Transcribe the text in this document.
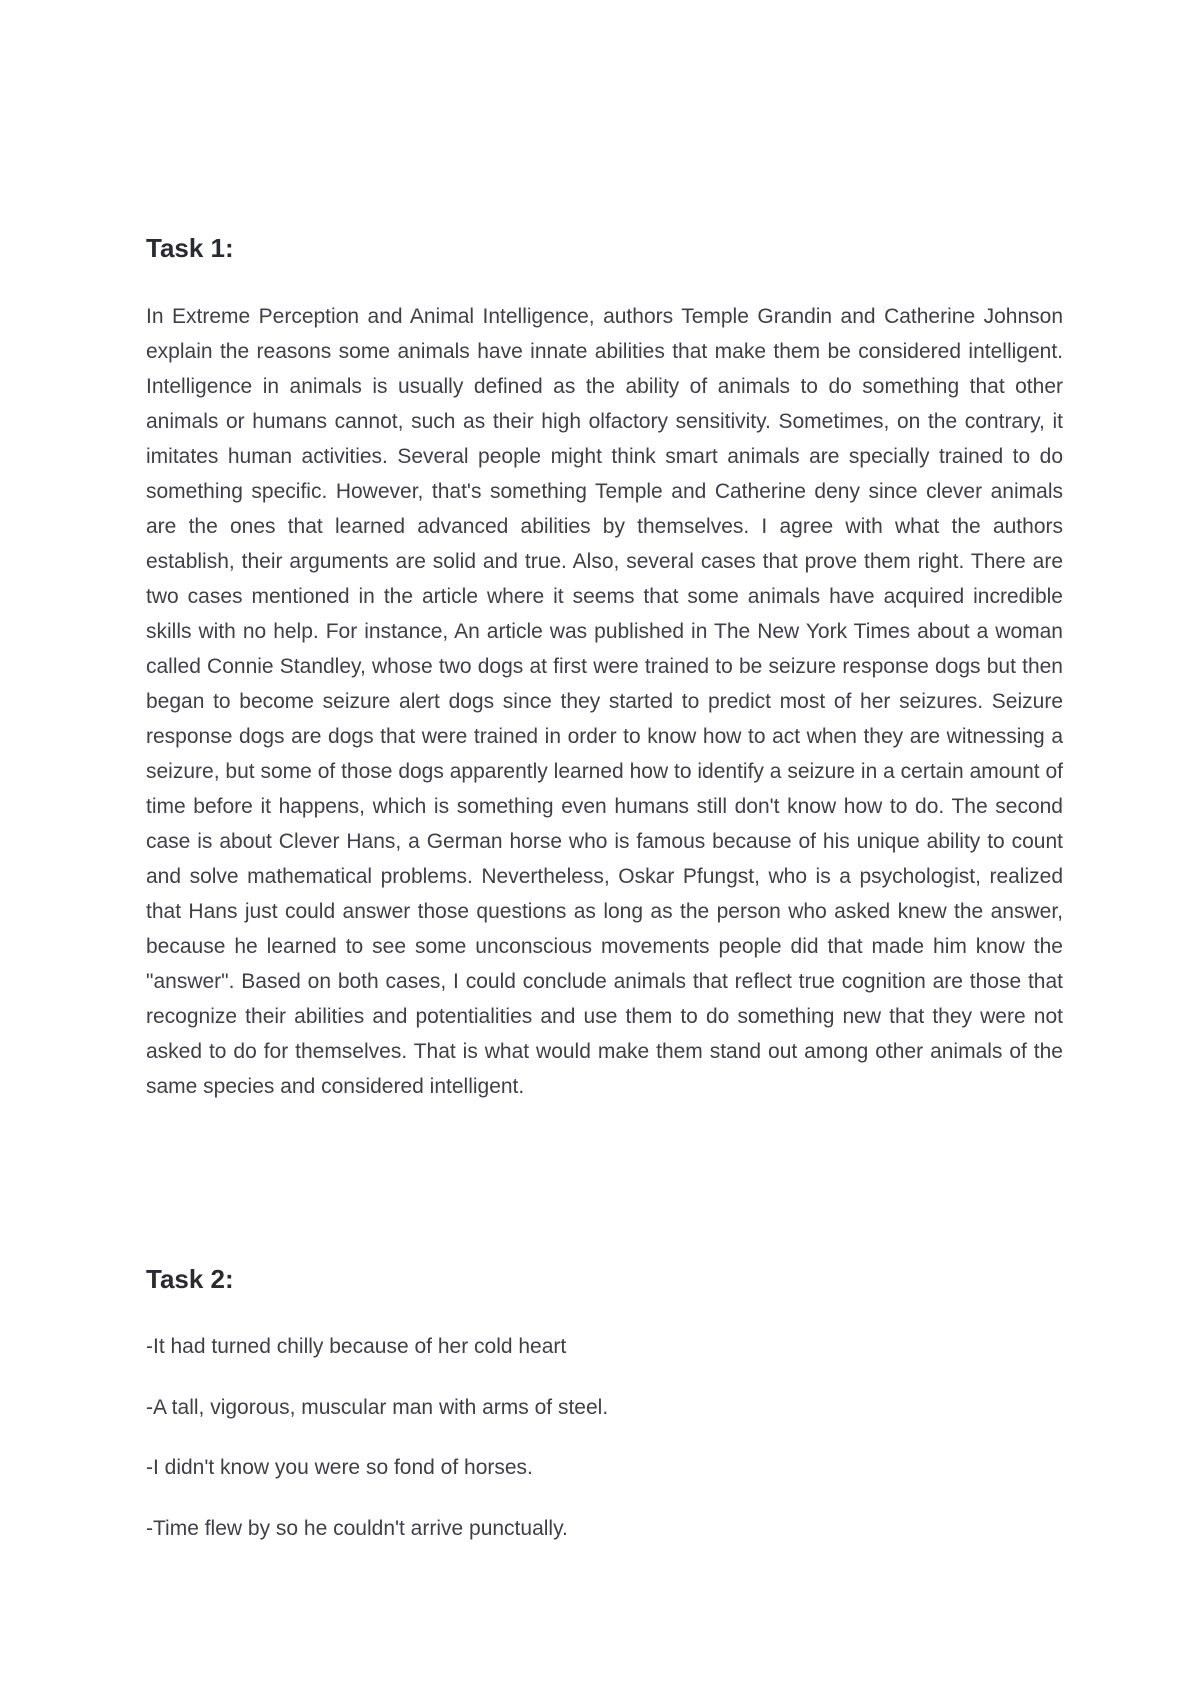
Task 1:

In Extreme Perception and Animal Intelligence, authors Temple Grandin and Catherine Johnson explain the reasons some animals have innate abilities that make them be considered intelligent. Intelligence in animals is usually defined as the ability of animals to do something that other animals or humans cannot, such as their high olfactory sensitivity. Sometimes, on the contrary, it imitates human activities. Several people might think smart animals are specially trained to do something specific. However, that's something Temple and Catherine deny since clever animals are the ones that learned advanced abilities by themselves. I agree with what the authors establish, their arguments are solid and true. Also, several cases that prove them right. There are two cases mentioned in the article where it seems that some animals have acquired incredible skills with no help. For instance, An article was published in The New York Times about a woman called Connie Standley, whose two dogs at first were trained to be seizure response dogs but then began to become seizure alert dogs since they started to predict most of her seizures. Seizure response dogs are dogs that were trained in order to know how to act when they are witnessing a seizure, but some of those dogs apparently learned how to identify a seizure in a certain amount of time before it happens, which is something even humans still don't know how to do. The second case is about Clever Hans, a German horse who is famous because of his unique ability to count and solve mathematical problems. Nevertheless, Oskar Pfungst, who is a psychologist, realized that Hans just could answer those questions as long as the person who asked knew the answer, because he learned to see some unconscious movements people did that made him know the "answer". Based on both cases, I could conclude animals that reflect true cognition are those that recognize their abilities and potentialities and use them to do something new that they were not asked to do for themselves. That is what would make them stand out among other animals of the same species and considered intelligent.

Task 2:
-It had turned chilly because of her cold heart
-A tall, vigorous, muscular man with arms of steel.
-I didn't know you were so fond of horses.
-Time flew by so he couldn't arrive punctually.
